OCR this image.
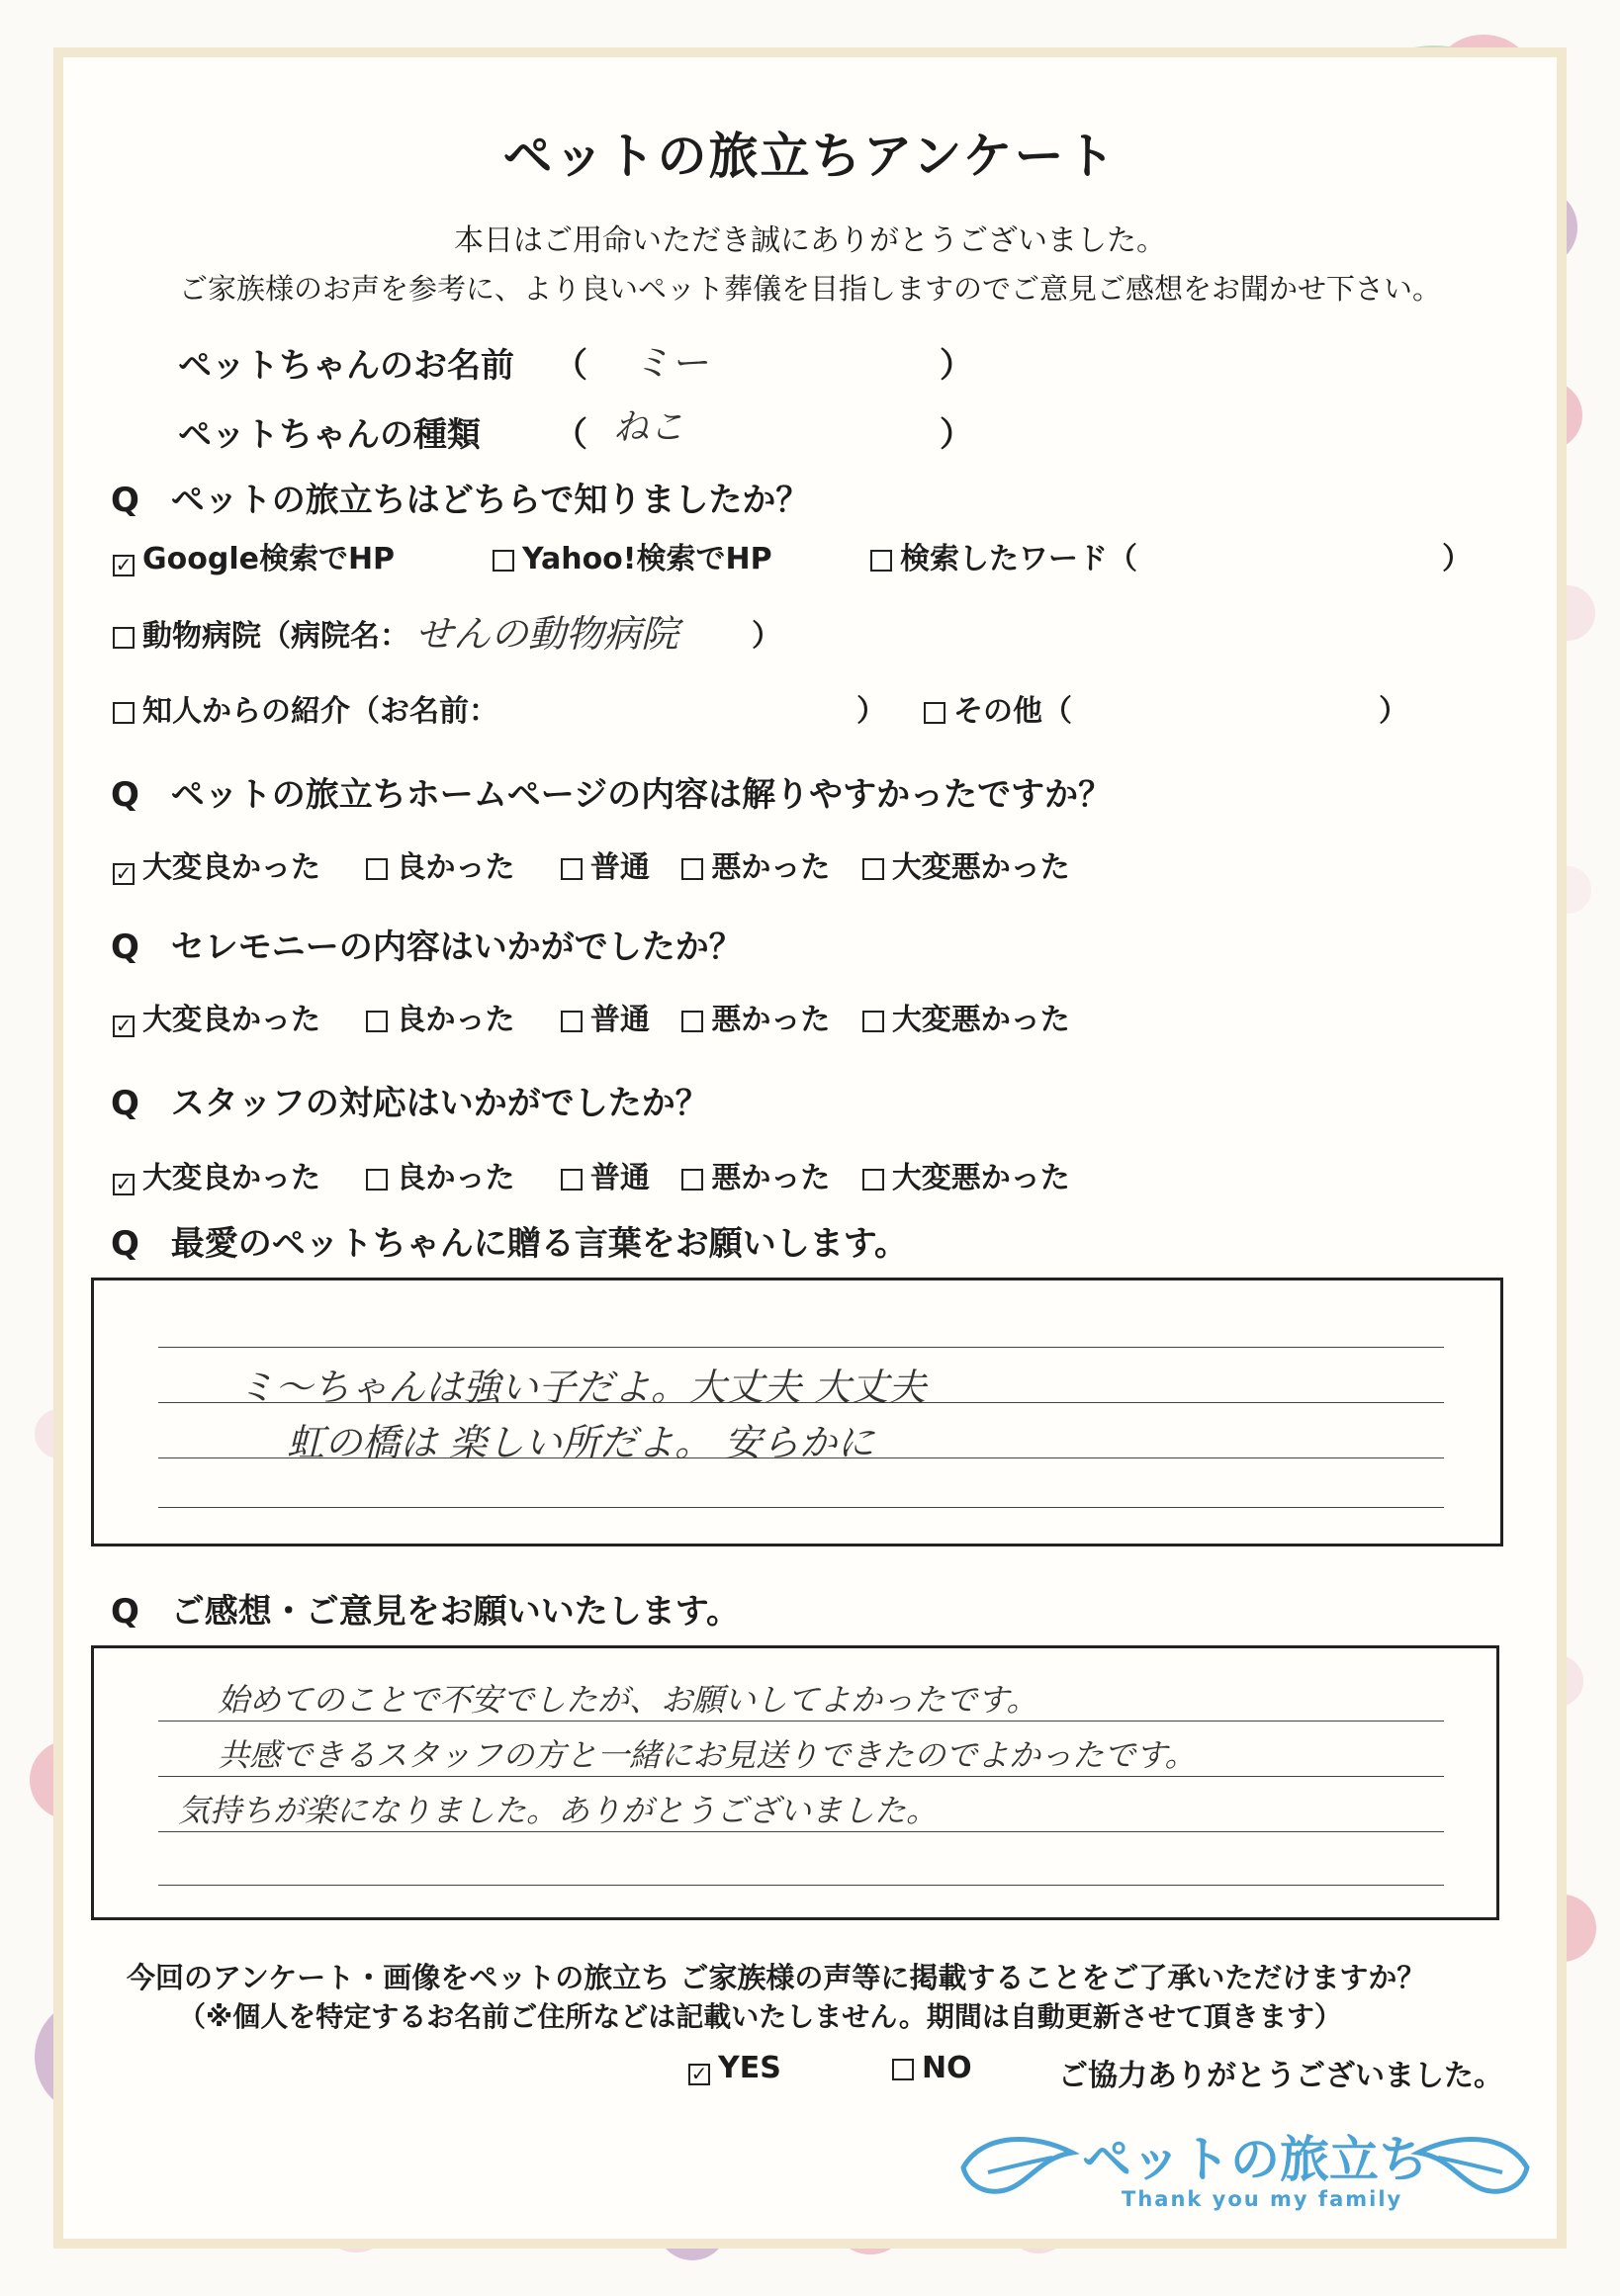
ペットの旅立ちアンケート
本日はご用命いただき誠にありがとうございました。
ご家族様のお声を参考に、より良いペット葬儀を目指しますのでご意見ご感想をお聞かせ下さい。
ペットちゃんのお名前 （ ミー	）
ペットちゃんの種類 （ ねこ	）
Q ペットの旅立ちはどちらで知りましたか？
✓ Google検索でHP	Yahoo!検索でHP	検索したワード（	）
動物病院（病院名： せんの動物病院 ）
知人からの紹介（お名前：	）	その他（	）
Q ペットの旅立ちホームページの内容は解りやすかったですか？
✓ 大変良かった	良かった	普通 悪かった 大変悪かった
Q セレモニーの内容はいかがでしたか？
✓ 大変良かった	良かった	普通 悪かった 大変悪かった
Q スタッフの対応はいかがでしたか？
✓ 大変良かった	良かった	普通 悪かった 大変悪かった
Q 最愛のペットちゃんに贈る言葉をお願いします。
ミ〜ちゃんは強い子だよ。大丈夫 大丈夫
虹の橋は 楽しい所だよ。 安らかに
Q ご感想・ご意見をお願いいたします。
始めてのことで不安でしたが、お願いしてよかったです。
共感できるスタッフの方と一緒にお見送りできたのでよかったです。
気持ちが楽になりました。ありがとうございました。
今回のアンケート・画像をペットの旅立ち ご家族様の声等に掲載することをご了承いただけますか？
（※個人を特定するお名前ご住所などは記載いたしません。期間は自動更新させて頂きます）
✓ YES	NO	ご協力ありがとうございました。
ペットの旅立ち
Thank you my family
